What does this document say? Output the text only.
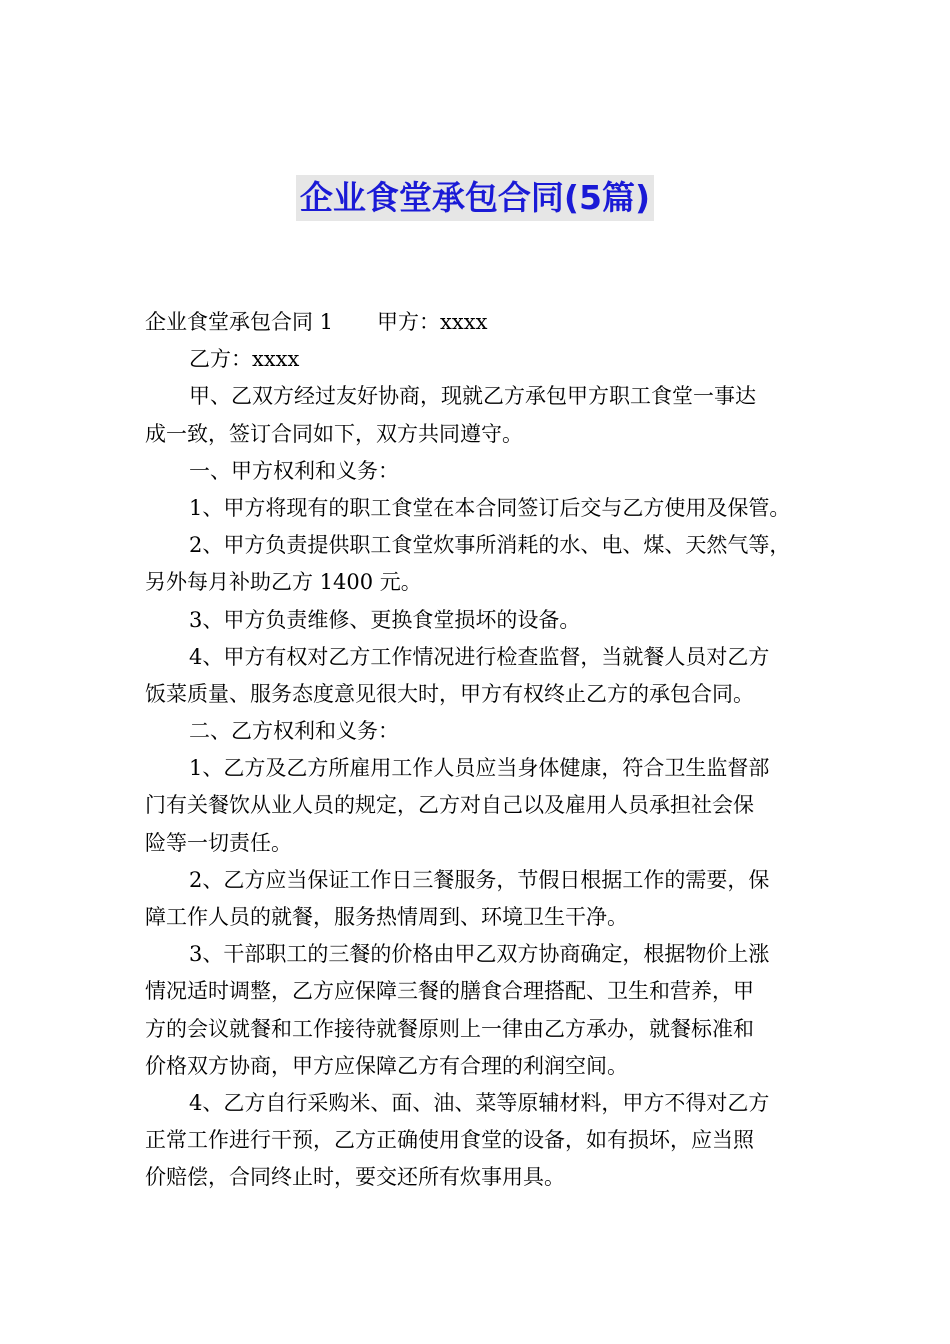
企业食堂承包合同(5篇)
企业食堂承包合同 1 甲方：xxxx
乙方：xxxx
甲、乙双方经过友好协商，现就乙方承包甲方职工食堂一事达
成一致，签订合同如下，双方共同遵守。
一、甲方权利和义务：
1、甲方将现有的职工食堂在本合同签订后交与乙方使用及保管。
2、甲方负责提供职工食堂炊事所消耗的水、电、煤、天然气等，
另外每月补助乙方 1400 元。
3、甲方负责维修、更换食堂损坏的设备。
4、甲方有权对乙方工作情况进行检查监督，当就餐人员对乙方
饭菜质量、服务态度意见很大时，甲方有权终止乙方的承包合同。
二、乙方权利和义务：
1、乙方及乙方所雇用工作人员应当身体健康，符合卫生监督部
门有关餐饮从业人员的规定，乙方对自己以及雇用人员承担社会保
险等一切责任。
2、乙方应当保证工作日三餐服务，节假日根据工作的需要，保
障工作人员的就餐，服务热情周到、环境卫生干净。
3、干部职工的三餐的价格由甲乙双方协商确定，根据物价上涨
情况适时调整，乙方应保障三餐的膳食合理搭配、卫生和营养，甲
方的会议就餐和工作接待就餐原则上一律由乙方承办，就餐标准和
价格双方协商，甲方应保障乙方有合理的利润空间。
4、乙方自行采购米、面、油、菜等原辅材料，甲方不得对乙方
正常工作进行干预，乙方正确使用食堂的设备，如有损坏，应当照
价赔偿，合同终止时，要交还所有炊事用具。
